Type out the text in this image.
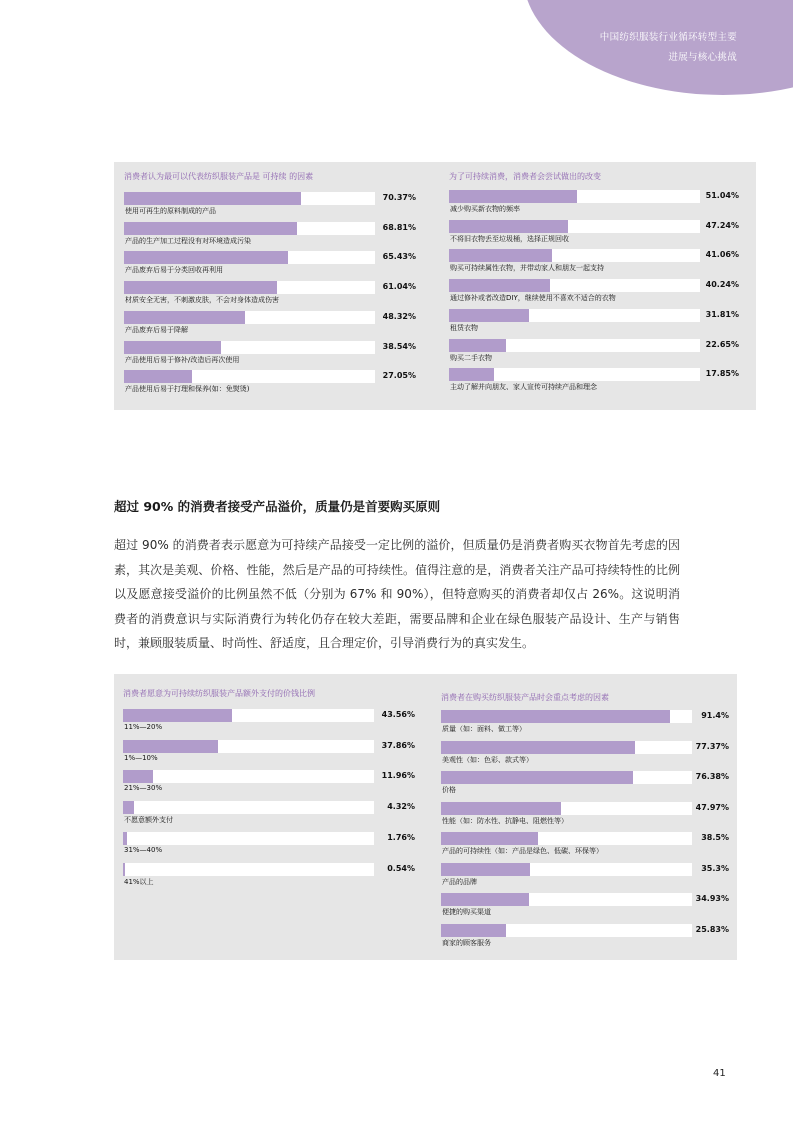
中国纺织服装行业循环转型主要
进展与核心挑战
消费者认为最可以代表纺织服装产品是 可持续 的因素
70.37%
使用可再生的原料制成的产品
68.81%
产品的生产加工过程没有对环境造成污染
65.43%
产品废弃后易于分类回收再利用
61.04%
材质安全无害，不刺激皮肤，不会对身体造成伤害
48.32%
产品废弃后易于降解
38.54%
产品使用后易于修补/改造后再次使用
27.05%
产品使用后易于打理和保养(如：免熨烫)
为了可持续消费，消费者会尝试做出的改变
51.04%
减少购买新衣物的频率
47.24%
不将旧衣物丢至垃圾桶，选择正规回收
41.06%
购买可持续属性衣物，并带动家人和朋友一起支持
40.24%
通过修补或者改造DIY，继续使用不喜欢不适合的衣物
31.81%
租赁衣物
22.65%
购买二手衣物
17.85%
主动了解并向朋友、家人宣传可持续产品和理念
超过 90% 的消费者接受产品溢价，质量仍是首要购买原则
超过 90% 的消费者表示愿意为可持续产品接受一定比例的溢价，但质量仍是消费者购买衣物首先考虑的因素，其次是美观、价格、性能，然后是产品的可持续性。值得注意的是，消费者关注产品可持续特性的比例以及愿意接受溢价的比例虽然不低（分别为 67% 和 90%），但特意购买的消费者却仅占 26%。这说明消费者的消费意识与实际消费行为转化仍存在较大差距，需要品牌和企业在绿色服装产品设计、生产与销售时，兼顾服装质量、时尚性、舒适度，且合理定价，引导消费行为的真实发生。
消费者愿意为可持续纺织服装产品额外支付的价钱比例
43.56%
11%—20%
37.86%
1%—10%
11.96%
21%—30%
4.32%
不愿意额外支付
1.76%
31%—40%
0.54%
41%以上
消费者在购买纺织服装产品时会重点考虑的因素
91.4%
质量（如：面料、做工等）
77.37%
美观性（如：色彩、款式等）
76.38%
价格
47.97%
性能（如：防水性、抗静电、阻燃性等）
38.5%
产品的可持续性（如：产品是绿色、低碳、环保等）
35.3%
产品的品牌
34.93%
便捷的购买渠道
25.83%
商家的顾客服务
41
